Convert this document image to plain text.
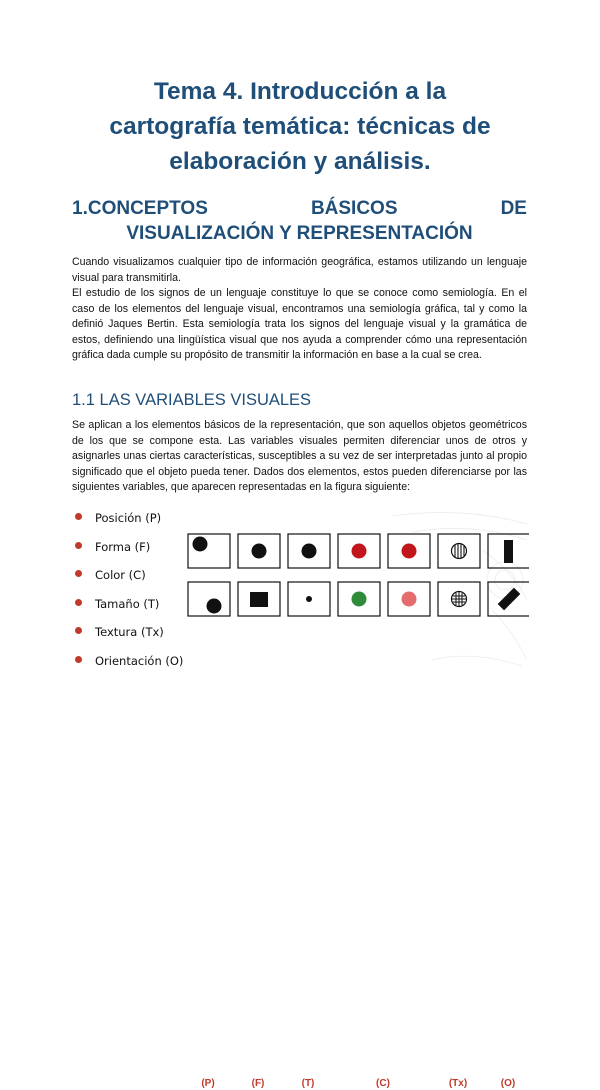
Tema 4. Introducción a la
cartografía temática: técnicas de
elaboración y análisis.
1.CONCEPTOS	BÁSICOS	DE
VISUALIZACIÓN Y REPRESENTACIÓN

Cuando visualizamos cualquier tipo de información geográfica, estamos utilizando un lenguaje visual para transmitirla.

El estudio de los signos de un lenguaje constituye lo que se conoce como semiología. En el caso de los elementos del lenguaje visual, encontramos una semiología gráfica, tal y como la definió Jaques Bertin. Esta semiología trata los signos del lenguaje visual y la gramática de estos, definiendo una lingüística visual que nos ayuda a comprender cómo una representación gráfica dada cumple su propósito de transmitir la información en base a la cual se crea.

1.1 LAS VARIABLES VISUALES

Se aplican a los elementos básicos de la representación, que son aquellos objetos geométricos de los que se compone esta. Las variables visuales permiten diferenciar unos de otros y asignarles unas ciertas características, susceptibles a su vez de ser interpretadas junto al propio significado que el objeto pueda tener. Dados dos elementos, estos pueden diferenciarse por las siguientes variables, que aparecen representadas en la figura siguiente:

Posición (P)
Forma (F)
Color (C)
Tamaño (T)
Textura (Tx)
Orientación (O)
(P)	(F)	(T)	(C)	(Tx)	(O)
